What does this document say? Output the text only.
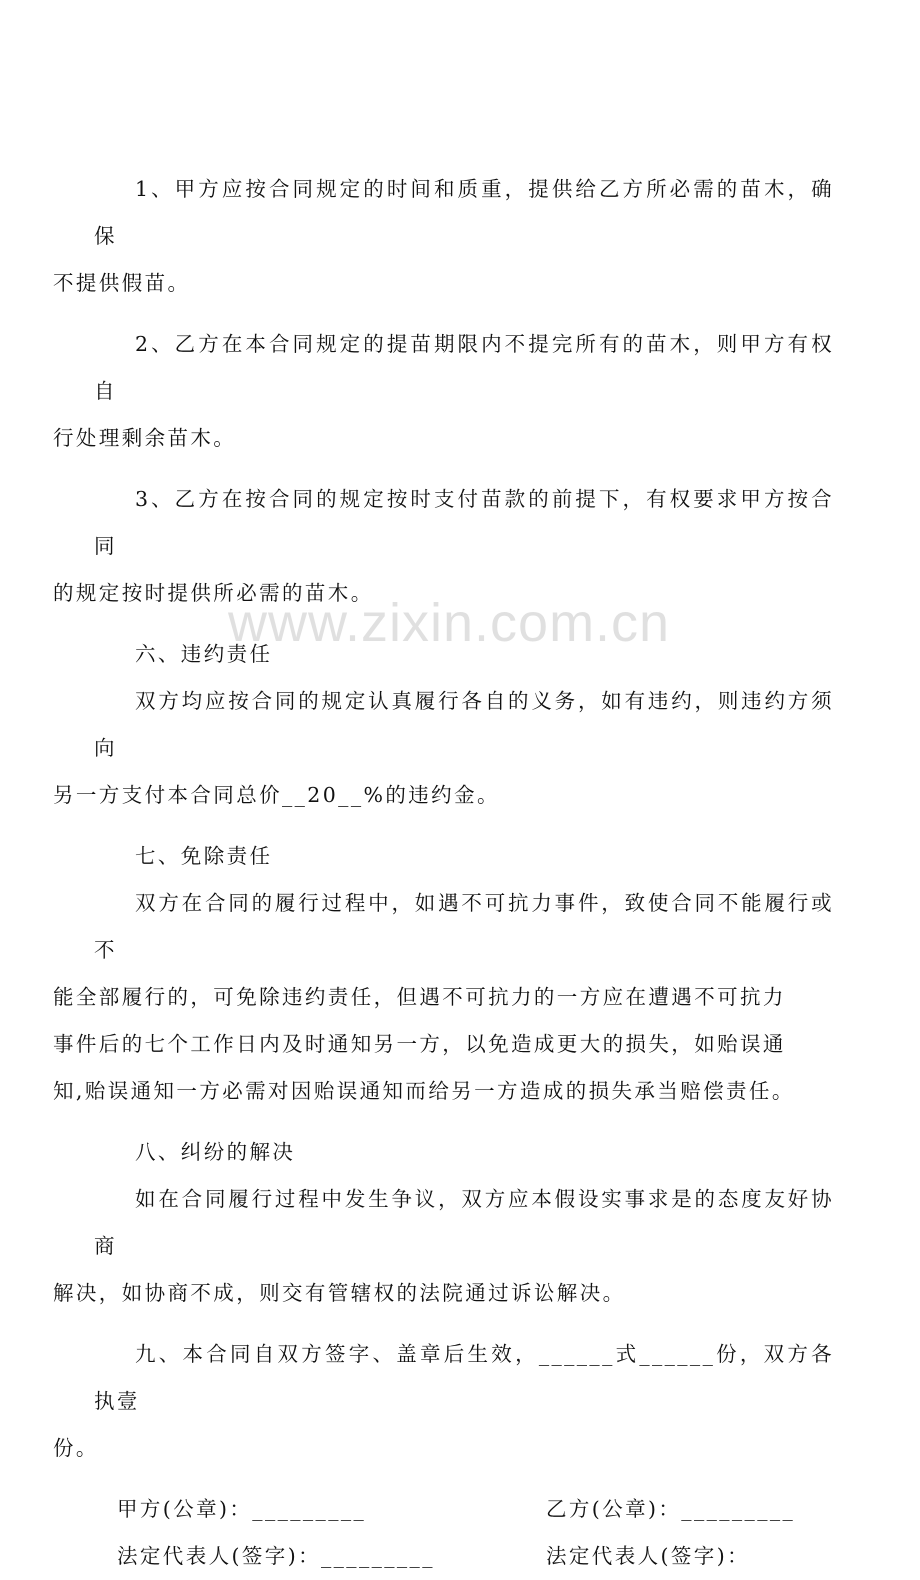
www.zixin.com.cn

1、甲方应按合同规定的时间和质重，提供给乙方所必需的苗木，确保
不提供假苗。

2、乙方在本合同规定的提苗期限内不提完所有的苗木，则甲方有权自
行处理剩余苗木。

3、乙方在按合同的规定按时支付苗款的前提下，有权要求甲方按合同
的规定按时提供所必需的苗木。

六、违约责任

双方均应按合同的规定认真履行各自的义务，如有违约，则违约方须向
另一方支付本合同总价__20__%的违约金。

七、免除责任

双方在合同的履行过程中，如遇不可抗力事件，致使合同不能履行或不
能全部履行的，可免除违约责任，但遇不可抗力的一方应在遭遇不可抗力
事件后的七个工作日内及时通知另一方，以免造成更大的损失，如贻误通
知,贻误通知一方必需对因贻误通知而给另一方造成的损失承当赔偿责任。

八、纠纷的解决

如在合同履行过程中发生争议，双方应本假设实事求是的态度友好协商
解决，如协商不成，则交有管辖权的法院通过诉讼解决。

九、本合同自双方签字、盖章后生效，______式______份，双方各执壹
份。

甲方(公章)：_________	乙方(公章)：_________
法定代表人(签字)：_________	法定代表人(签字)：
